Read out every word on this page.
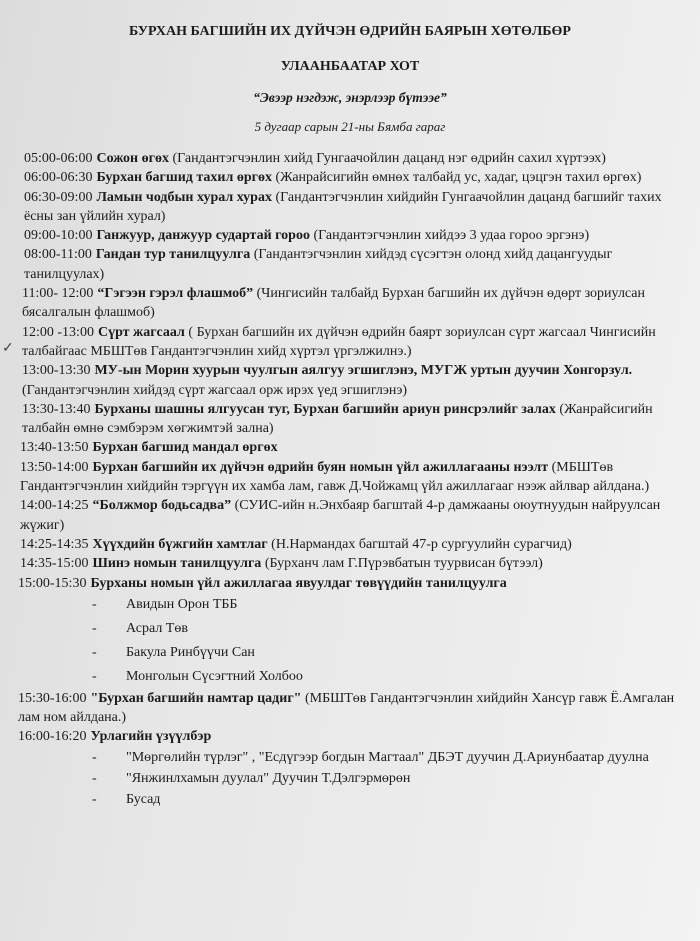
БУРХАН БАГШИЙН ИХ ДҮЙЧЭН ӨДРИЙН БАЯРЫН ХӨТӨЛБӨР
УЛААНБААТАР ХОТ
“Эвээр нэгдэж, энэрлээр бүтээе”
5 дугаар сарын 21-ны Бямба гараг
✓

05:00-06:00 Сожон өгөх (Гандантэгчэнлин хийд Гунгаачойлин дацанд нэг өдрийн сахил хүртээх)

06:00-06:30 Бурхан багшид тахил өргөх (Жанрайсигийн өмнөх талбайд ус, хадаг, цэцгэн тахил өргөх)

06:30-09:00 Ламын чодбын хурал хурах (Гандантэгчэнлин хийдийн Гунгаачойлин дацанд багшийг тахих ёсны зан үйлийн хурал)

09:00-10:00 Ганжуур, данжуур судартай гороо (Гандантэгчэнлин хийдээ 3 удаа гороо эргэнэ)

08:00-11:00 Гандан тур танилцуулга (Гандантэгчэнлин хийдэд сүсэгтэн олонд хийд дацангуудыг танилцуулах)

11:00- 12:00 “Гэгээн гэрэл флашмоб” (Чингисийн талбайд Бурхан багшийн их дүйчэн өдөрт зориулсан бясалгалын флашмоб)

12:00 -13:00 Сүрт жагсаал ( Бурхан багшийн их дүйчэн өдрийн баярт зориулсан сүрт жагсаал Чингисийн талбайгаас МБШТөв Гандантэгчэнлин хийд хүртэл үргэлжилнэ.)

13:00-13:30 МУ-ын Морин хуурын чуулгын аялгуу эгшиглэнэ, МУГЖ уртын дуучин Хонгорзул. (Гандантэгчэнлин хийдэд сүрт жагсаал орж ирэх үед эгшиглэнэ)

13:30-13:40 Бурханы шашны ялгуусан туг, Бурхан багшийн ариун ринсрэлийг залах (Жанрайсигийн талбайн өмнө сэмбэрэм хөгжимтэй зална)

13:40-13:50 Бурхан багшид мандал өргөх

13:50-14:00 Бурхан багшийн их дүйчэн өдрийн буян номын үйл ажиллагааны нээлт (МБШТөв Гандантэгчэнлин хийдийн тэргүүн их хамба лам, гавж Д.Чойжамц үйл ажиллагааг нээж айлвар айлдана.)

14:00-14:25 “Болжмор бодьсадва” (СУИС-ийн н.Энхбаяр багштай 4-р дамжааны оюутнуудын найруулсан жүжиг)

14:25-14:35 Хүүхдийн бүжгийн хамтлаг (Н.Нармандах багштай 47-р сургуулийн сурагчид)

14:35-15:00 Шинэ номын танилцуулга (Бурханч лам Г.Пүрэвбатын туурвисан бүтээл)

15:00-15:30 Бурханы номын үйл ажиллагаа явуулдаг төвүүдийн танилцуулга

- Авидын Орон ТББ
- Асрал Төв
- Бакула Ринбүүчи Сан
- Монголын Сүсэгтний Холбоо

15:30-16:00 "Бурхан багшийн намтар цадиг" (МБШТөв Гандантэгчэнлин хийдийн Хансүр гавж Ё.Амгалан лам ном айлдана.)

16:00-16:20 Урлагийн үзүүлбэр

- "Мөргөлийн түрлэг" , "Есдүгээр богдын Магтаал" ДБЭТ дуучин Д.Ариунбаатар дуулна
- "Янжинлхамын дуулал" Дуучин Т.Дэлгэрмөрөн
- Бусад
